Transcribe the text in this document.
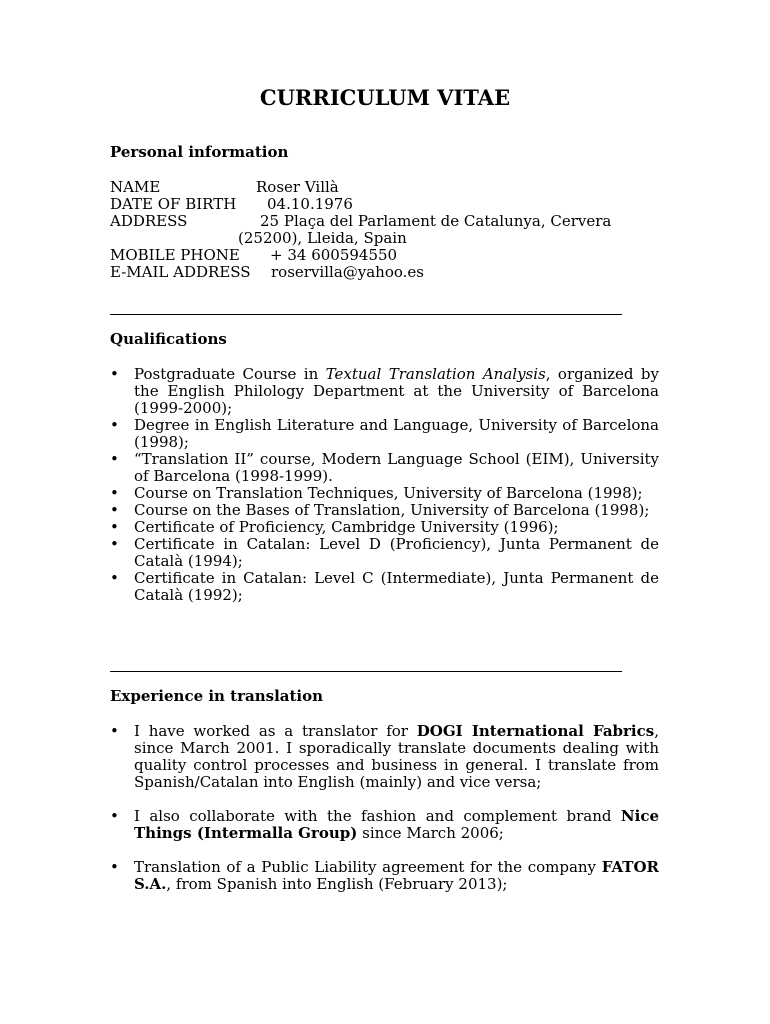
CURRICULUM VITAE
Personal information
NAME	Roser Villà
DATE OF BIRTH 04.10.1976
ADDRESS	25 Plaça del Parlament de Catalunya, Cervera
(25200), Lleida, Spain
MOBILE PHONE + 34 600594550
E-MAIL ADDRESS roservilla@yahoo.es
Qualifications
• Postgraduate Course in Textual Translation Analysis, organized by the English Philology Department at the University of Barcelona (1999-2000);
• Degree in English Literature and Language, University of Barcelona (1998);
• “Translation II” course, Modern Language School (EIM), University of Barcelona (1998-1999).
• Course on Translation Techniques, University of Barcelona (1998);
• Course on the Bases of Translation, University of Barcelona (1998);
• Certificate of Proficiency, Cambridge University (1996);
• Certificate in Catalan: Level D (Proficiency), Junta Permanent de Català (1994);
• Certificate in Catalan: Level C (Intermediate), Junta Permanent de Català (1992);
Experience in translation
• I have worked as a translator for DOGI International Fabrics, since March 2001. I sporadically translate documents dealing with quality control processes and business in general. I translate from Spanish/Catalan into English (mainly) and vice versa;
• I also collaborate with the fashion and complement brand Nice Things (Intermalla Group) since March 2006;
• Translation of a Public Liability agreement for the company FATOR S.A., from Spanish into English (February 2013);
